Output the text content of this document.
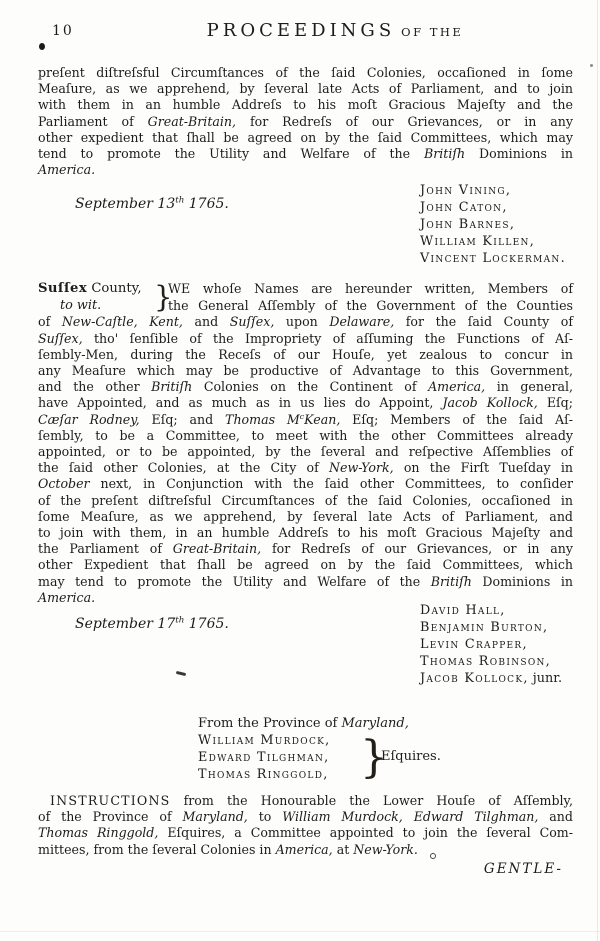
10	PROCEEDINGS OF THE
preſent diſtreſsful Circumſtances of the ſaid Colonies, occaſioned in ſome
Meaſure, as we apprehend, by ſeveral late Acts of Parliament, and to join
with them in an humble Addreſs to his moſt Gracious Majeſty and the
Parliament of Great-Britain, for Redreſs of our Grievances, or in any
other expedient that ſhall be agreed on by the ſaid Committees, which may
tend to promote the Utility and Welfare of the Britiſh Dominions in
America.
September 13th 1765.
John Vining,
John Caton,
John Barnes,
William Killen,
Vincent Lockerman.
Suſſex County,
to wit.	}
WE whoſe Names are hereunder written, Members of
the General Aſſembly of the Government of the Counties
of New-Caſtle, Kent, and Suſſex, upon Delaware, for the ſaid County of
Suſſex, tho' ſenſible of the Impropriety of aſſuming the Functions of Aſ-
ſembly-Men, during the Receſs of our Houſe, yet zealous to concur in
any Meaſure which may be productive of Advantage to this Government,
and the other Britiſh Colonies on the Continent of America, in general,
have Appointed, and as much as in us lies do Appoint, Jacob Kollock, Eſq;
Cæſar Rodney, Eſq; and Thomas $M^cKean$, Eſq; Members of the ſaid Aſ-
ſembly, to be a Committee, to meet with the other Committees already
appointed, or to be appointed, by the ſeveral and reſpective Aſſemblies of
the ſaid other Colonies, at the City of New-York, on the Firſt Tueſday in
October next, in Conjunction with the ſaid other Committees, to conſider
of the preſent diſtreſsful Circumſtances of the ſaid Colonies, occaſioned in
ſome Meaſure, as we apprehend, by ſeveral late Acts of Parliament, and
to join with them, in an humble Addreſs to his moſt Gracious Majeſty and
the Parliament of Great-Britain, for Redreſs of our Grievances, or in any
other Expedient that ſhall be agreed on by the ſaid Committees, which
may tend to promote the Utility and Welfare of the Britiſh Dominions in
America.
September 17th 1765.
David Hall,
Benjamin Burton,
Levin Crapper,
Thomas Robinson,
Jacob Kollock, junr.
From the Province of Maryland,
William Murdock,
Edward Tilghman,
Thomas Ringgold, }
Eſquires.
INSTRUCTIONS from the Honourable the Lower Houſe of Aſſembly,
of the Province of Maryland, to William Murdock, Edward Tilghman, and
Thomas Ringgold, Eſquires, a Committee appointed to join the ſeveral Com-
mittees, from the ſeveral Colonies in America, at New-York.
GENTLE-
